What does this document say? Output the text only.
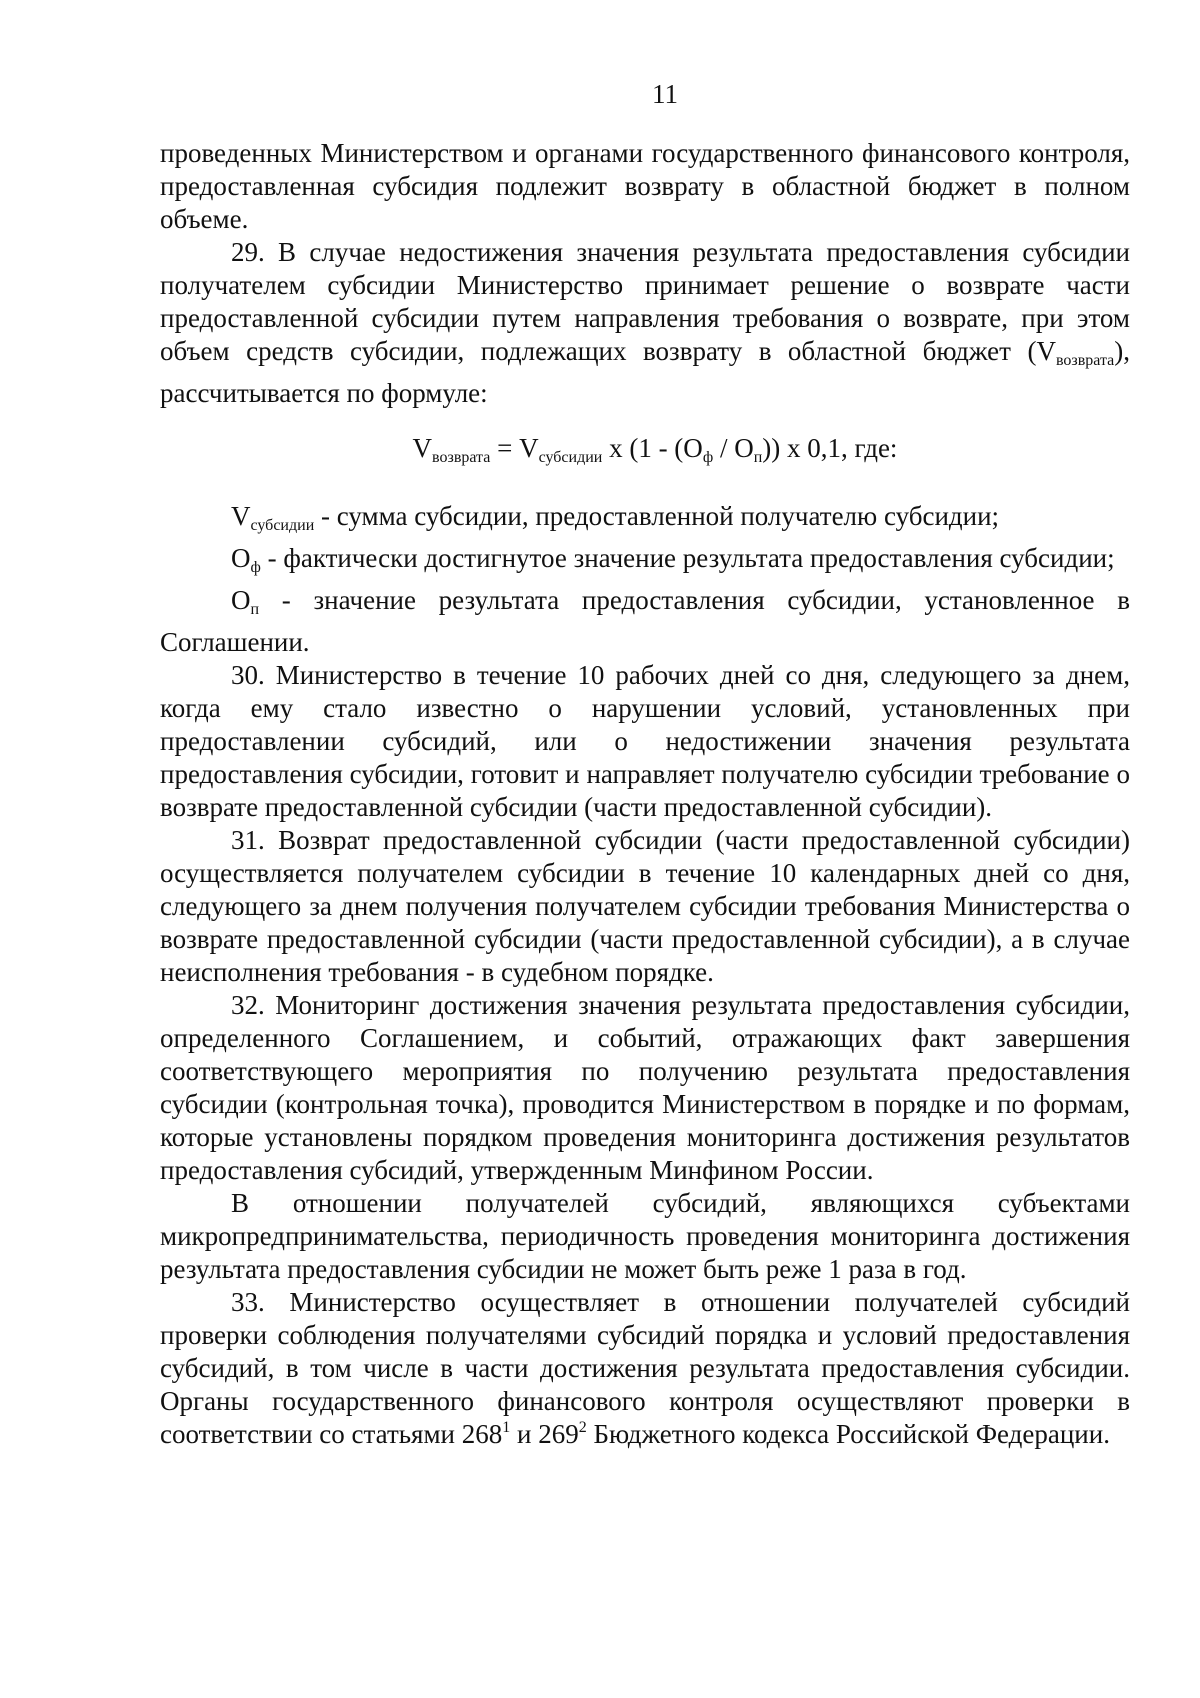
11

проведенных Министерством и органами государственного финансового контроля, предоставленная субсидия подлежит возврату в областной бюджет в полном объеме.

29. В случае недостижения значения результата предоставления субсидии получателем субсидии Министерство принимает решение о возврате части предоставленной субсидии путем направления требования о возврате, при этом объем средств субсидии, подлежащих возврату в областной бюджет $(V_{возврата})$, рассчитывается по формуле:

$V_{возврата} = V_{субсидии}$ x $(1 - (О_ф / О_п))$ x 0,1, где:

$V_{субсидии}$ - сумма субсидии, предоставленной получателю субсидии;

$О_ф$ - фактически достигнутое значение результата предоставления субсидии;

$О_п$ - значение результата предоставления субсидии, установленное в Соглашении.

30. Министерство в течение 10 рабочих дней со дня, следующего за днем, когда ему стало известно о нарушении условий, установленных при предоставлении субсидий, или о недостижении значения результата предоставления субсидии, готовит и направляет получателю субсидии требование о возврате предоставленной субсидии (части предоставленной субсидии).

31. Возврат предоставленной субсидии (части предоставленной субсидии) осуществляется получателем субсидии в течение 10 календарных дней со дня, следующего за днем получения получателем субсидии требования Министерства о возврате предоставленной субсидии (части предоставленной субсидии), а в случае неисполнения требования - в судебном порядке.

32. Мониторинг достижения значения результата предоставления субсидии, определенного Соглашением, и событий, отражающих факт завершения соответствующего мероприятия по получению результата предоставления субсидии (контрольная точка), проводится Министерством в порядке и по формам, которые установлены порядком проведения мониторинга достижения результатов предоставления субсидий, утвержденным Минфином России.

В отношении получателей субсидий, являющихся субъектами микропредпринимательства, периодичность проведения мониторинга достижения результата предоставления субсидии не может быть реже 1 раза в год.

33. Министерство осуществляет в отношении получателей субсидий проверки соблюдения получателями субсидий порядка и условий предоставления субсидий, в том числе в части достижения результата предоставления субсидии. Органы государственного финансового контроля осуществляют проверки в соответствии со статьями $268^1$ и $269^2$ Бюджетного кодекса Российской Федерации.
